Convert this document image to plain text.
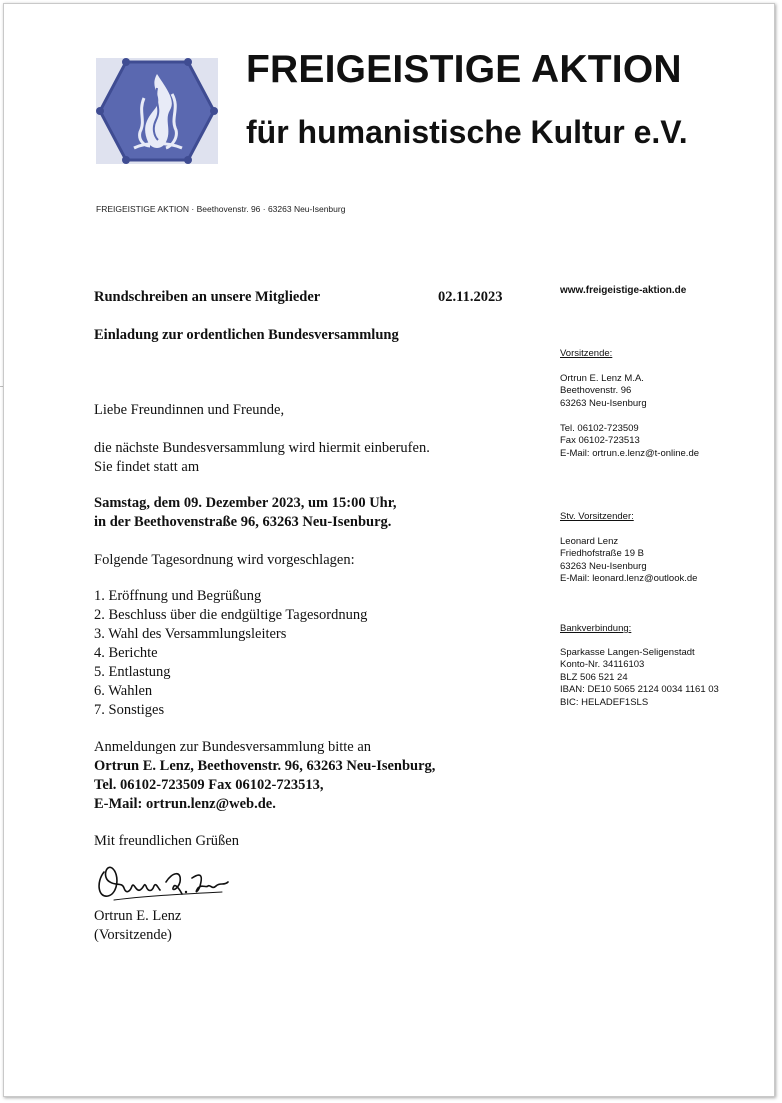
FREIGEISTIGE AKTION
für humanistische Kultur e.V.
FREIGEISTIGE AKTION · Beethovenstr. 96 · 63263 Neu-Isenburg
Rundschreiben an unsere Mitglieder	02.11.2023
Einladung zur ordentlichen Bundesversammlung
Liebe Freundinnen und Freunde,
die nächste Bundesversammlung wird hiermit einberufen.
Sie findet statt am
Samstag, dem 09. Dezember 2023, um 15:00 Uhr,
in der Beethovenstraße 96, 63263 Neu-Isenburg.
Folgende Tagesordnung wird vorgeschlagen:
1. Eröffnung und Begrüßung
2. Beschluss über die endgültige Tagesordnung
3. Wahl des Versammlungsleiters
4. Berichte
5. Entlastung
6. Wahlen
7. Sonstiges
Anmeldungen zur Bundesversammlung bitte an
Ortrun E. Lenz, Beethovenstr. 96, 63263 Neu-Isenburg,
Tel. 06102-723509 Fax 06102-723513,
E-Mail: ortrun.lenz@web.de.
Mit freundlichen Grüßen
Ortrun E. Lenz
(Vorsitzende)
www.freigeistige-aktion.de
Vorsitzende:
Ortrun E. Lenz M.A.
Beethovenstr. 96
63263 Neu-Isenburg
Tel. 06102-723509
Fax 06102-723513
E-Mail: ortrun.e.lenz@t-online.de
Stv. Vorsitzender:
Leonard Lenz
Friedhofstraße 19 B
63263 Neu-Isenburg
E-Mail: leonard.lenz@outlook.de
Bankverbindung:
Sparkasse Langen-Seligenstadt
Konto-Nr. 34116103
BLZ 506 521 24
IBAN: DE10 5065 2124 0034 1161 03
BIC: HELADEF1SLS
